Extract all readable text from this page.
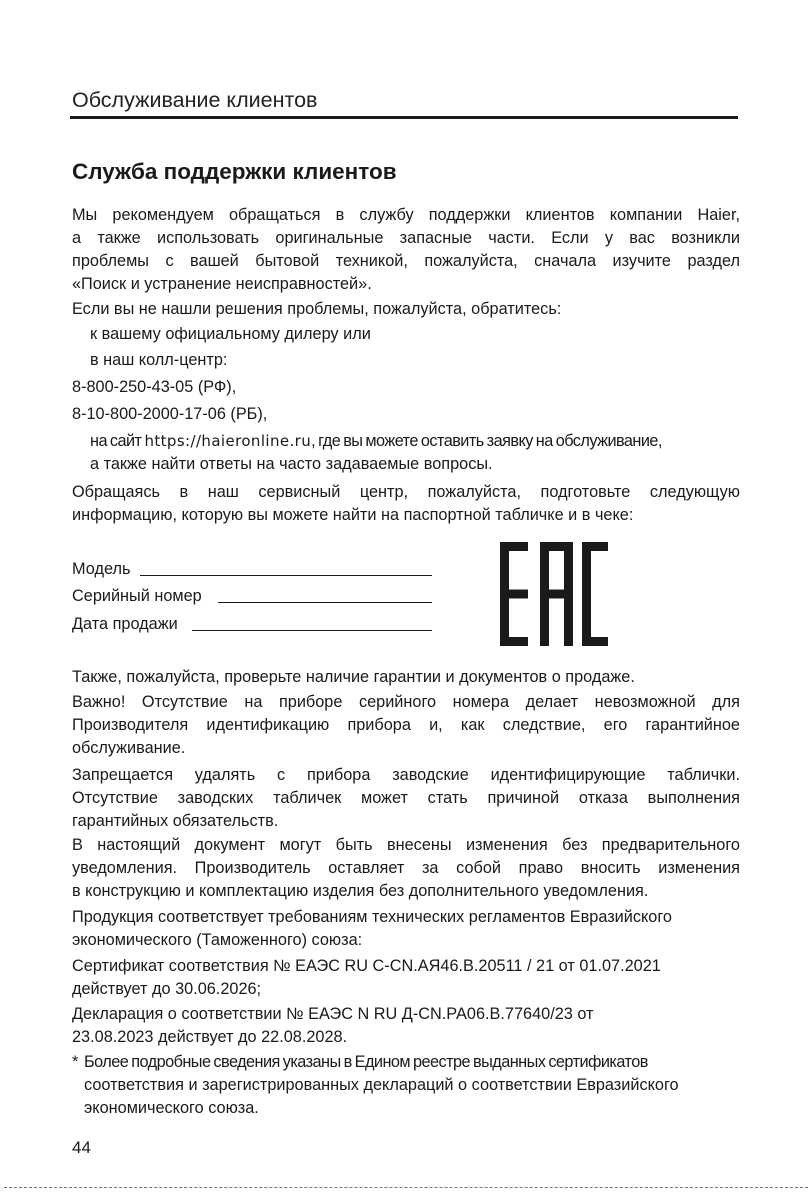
Обслуживание клиентов
Служба поддержки клиентов
Мы рекомендуем обращаться в службу поддержки клиентов компании Haier,
а также использовать оригинальные запасные части. Если у вас возникли
проблемы с вашей бытовой техникой, пожалуйста, сначала изучите раздел
«Поиск и устранение неисправностей».
Если вы не нашли решения проблемы, пожалуйста, обратитесь:
к вашему официальному дилеру или
в наш колл-центр:
8-800-250-43-05 (РФ),
8-10-800-2000-17-06 (РБ),
на сайт https://haieronline.ru, где вы можете оставить заявку на обслуживание,
а также найти ответы на часто задаваемые вопросы.
Обращаясь в наш сервисный центр, пожалуйста, подготовьте следующую
информацию, которую вы можете найти на паспортной табличке и в чеке:
Модель
Серийный номер
Дата продажи
Также, пожалуйста, проверьте наличие гарантии и документов о продаже.
Важно! Отсутствие на приборе серийного номера делает невозможной для
Производителя идентификацию прибора и, как следствие, его гарантийное
обслуживание.
Запрещается удалять с прибора заводские идентифицирующие таблички.
Отсутствие заводских табличек может стать причиной отказа выполнения
гарантийных обязательств.
В настоящий документ могут быть внесены изменения без предварительного
уведомления. Производитель оставляет за собой право вносить изменения
в конструкцию и комплектацию изделия без дополнительного уведомления.
Продукция соответствует требованиям технических регламентов Евразийского
экономического (Таможенного) союза:
Сертификат соответствия № ЕАЭС RU C-CN.АЯ46.В.20511 / 21 от 01.07.2021
действует до 30.06.2026;
Декларация о соответствии № ЕАЭС N RU Д-CN.РА06.В.77640/23 от
23.08.2023 действует до 22.08.2028.
* Более подробные сведения указаны в Едином реестре выданных сертификатов
соответствия и зарегистрированных деклараций о соответствии Евразийского
экономического союза.
44
